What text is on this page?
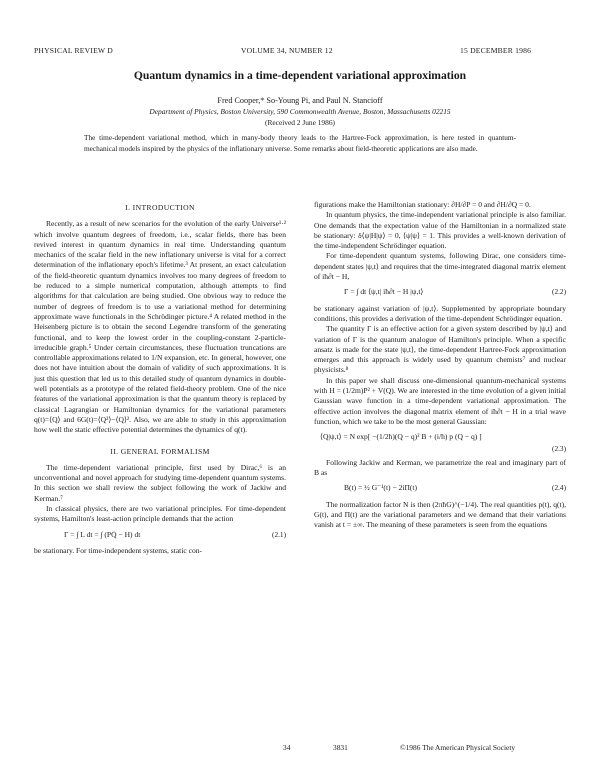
PHYSICAL REVIEW D	VOLUME 34, NUMBER 12	15 DECEMBER 1986
Quantum dynamics in a time-dependent variational approximation
Fred Cooper,* So-Young Pi, and Paul N. Stancioff
Department of Physics, Boston University, 590 Commonwealth Avenue, Boston, Massachusetts 02215
(Received 2 June 1986)
The time-dependent variational method, which in many-body theory leads to the Hartree-Fock approximation, is here tested in quantum-mechanical models inspired by the physics of the inflationary universe. Some remarks about field-theoretic applications are also made.
I. INTRODUCTION

Recently, as a result of new scenarios for the evolution of the early Universe¹·² which involve quantum degrees of freedom, i.e., scalar fields, there has been revived interest in quantum dynamics in real time. Understanding quantum mechanics of the scalar field in the new inflationary universe is vital for a correct determination of the inflationary epoch's lifetime.³ At present, an exact calculation of the field-theoretic quantum dynamics involves too many degrees of freedom to be reduced to a simple numerical computation, although attempts to find algorithms for that calculation are being studied. One obvious way to reduce the number of degrees of freedom is to use a variational method for determining approximate wave functionals in the Schrödinger picture.⁴ A related method in the Heisenberg picture is to obtain the second Legendre transform of the generating functional, and to keep the lowest order in the coupling-constant 2-particle-irreducible graph.⁵ Under certain circumstances, these fluctuation truncations are controllable approximations related to 1/N expansion, etc. In general, however, one does not have intuition about the domain of validity of such approximations. It is just this question that led us to this detailed study of quantum dynamics in double-well potentials as a prototype of the related field-theory problem. One of the nice features of the variational approximation is that the quantum theory is replaced by classical Lagrangian or Hamiltonian dynamics for the variational parameters q(t)=⟨Q⟩ and 6G(t)=⟨Q²⟩−⟨Q⟩². Also, we are able to study in this approximation how well the static effective potential determines the dynamics of q(t).

II. GENERAL FORMALISM

The time-dependent variational principle, first used by Dirac,⁶ is an unconventional and novel approach for studying time-dependent quantum systems. In this section we shall review the subject following the work of Jackiw and Kerman.⁷

In classical physics, there are two variational principles. For time-dependent systems, Hamilton's least-action principle demands that the action

Γ = ∫ L dt = ∫ (PQ̇ − H) dt	(2.1)

be stationary. For time-independent systems, static con-

figurations make the Hamiltonian stationary: ∂H/∂P = 0 and ∂H/∂Q = 0.

In quantum physics, the time-independent variational principle is also familiar. One demands that the expectation value of the Hamiltonian in a normalized state be stationary: δ⟨ψ|H|ψ⟩ = 0, ⟨ψ|ψ⟩ = 1. This provides a well-known derivation of the time-independent Schrödinger equation.

For time-dependent quantum systems, following Dirac, one considers time-dependent states |ψ,t⟩ and requires that the time-integrated diagonal matrix element of iħ∂t − H,

Γ = ∫ dt ⟨ψ,t| iħ∂t − H |ψ,t⟩	(2.2)

be stationary against variation of |ψ,t⟩. Supplemented by appropriate boundary conditions, this provides a derivation of the time-dependent Schrödinger equation.

The quantity Γ is an effective action for a given system described by |ψ,t⟩ and variation of Γ is the quantum analogue of Hamilton's principle. When a specific ansatz is made for the state |ψ,t⟩, the time-dependent Hartree-Fock approximation emerges and this approach is widely used by quantum chemists⁷ and nuclear physicists.⁸

In this paper we shall discuss one-dimensional quantum-mechanical systems with H = (1/2m)P² + V(Q). We are interested in the time evolution of a given initial Gaussian wave function in a time-dependent variational approximation. The effective action involves the diagonal matrix element of iħ∂t − H in a trial wave function, which we take to be the most general Gaussian:

⟨Q|ψ,t⟩ = N exp[ −(1/2ħ)(Q − q)² B + (i/ħ) p (Q − q) ]
(2.3)

Following Jackiw and Kerman, we parametrize the real and imaginary part of B as

B(t) = ½ G⁻¹(t) − 2iΠ(t)	(2.4)

The normalization factor N is then (2πħG)^(−1/4). The real quantities p(t), q(t), G(t), and Π(t) are the variational parameters and we demand that their variations vanish at t = ±∞. The meaning of these parameters is seen from the equations

34	3831	©1986 The American Physical Society
